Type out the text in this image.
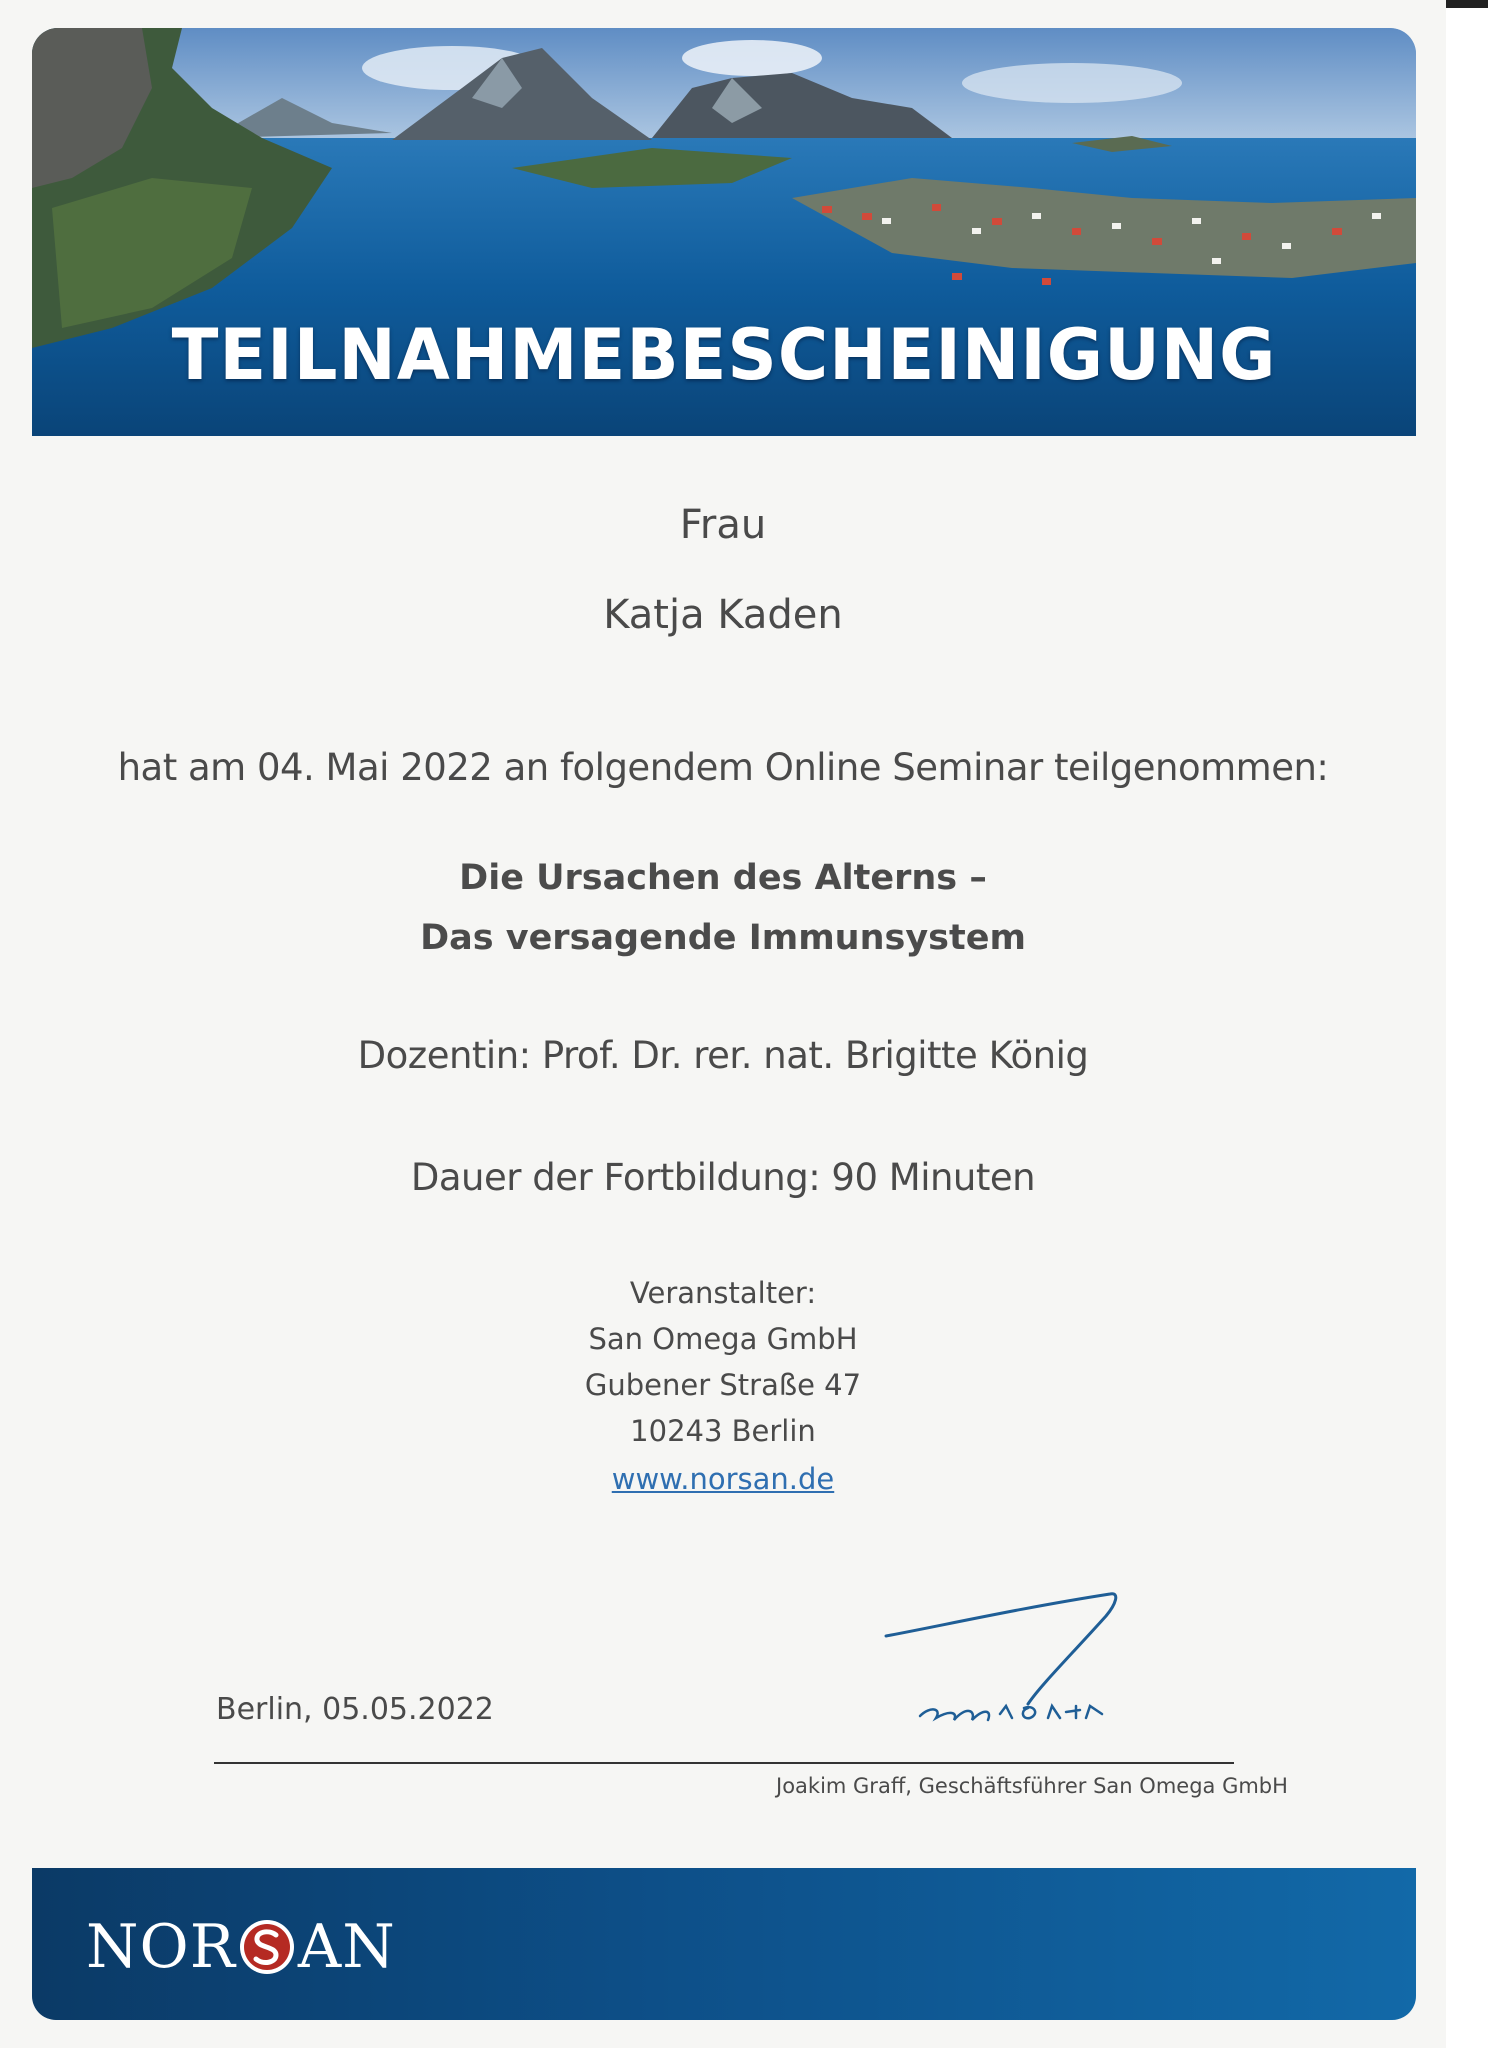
TEILNAHMEBESCHEINIGUNG
Frau
Katja Kaden
hat am 04. Mai 2022 an folgendem Online Seminar teilgenommen:
Die Ursachen des Alterns –
Das versagende Immunsystem
Dozentin: Prof. Dr. rer. nat. Brigitte König
Dauer der Fortbildung: 90 Minuten
Veranstalter:
San Omega GmbH
Gubener Straße 47
10243 Berlin
www.norsan.de
Berlin, 05.05.2022
Joakim Graff, Geschäftsführer San Omega GmbH
NOR AN
